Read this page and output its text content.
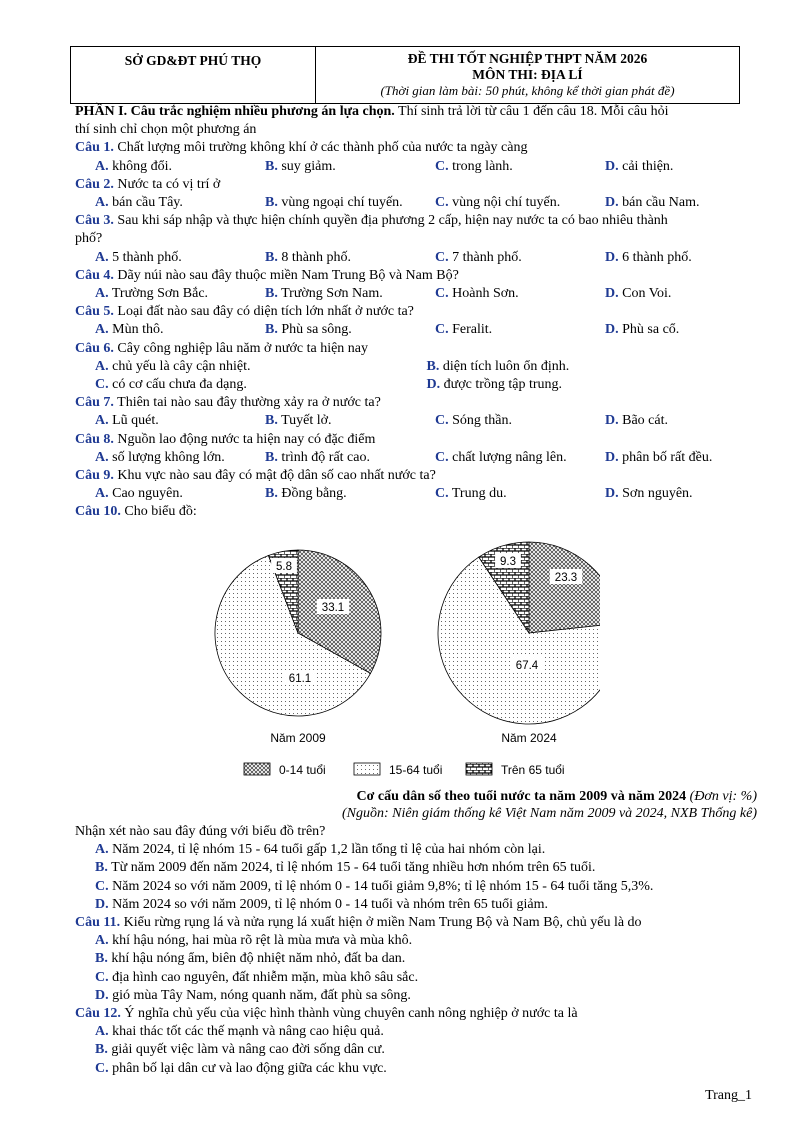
SỞ GD&ĐT PHÚ THỌ	ĐỀ THI TỐT NGHIỆP THPT NĂM 2026
MÔN THI: ĐỊA LÍ
(Thời gian làm bài: 50 phút, không kể thời gian phát đề)
PHẦN I. Câu trắc nghiệm nhiều phương án lựa chọn. Thí sinh trả lời từ câu 1 đến câu 18. Mỗi câu hỏi
thí sinh chỉ chọn một phương án
Câu 1. Chất lượng môi trường không khí ở các thành phố của nước ta ngày càng
A. không đổi.	B. suy giảm.	C. trong lành.	D. cải thiện.
Câu 2. Nước ta có vị trí ở
A. bán cầu Tây.	B. vùng ngoại chí tuyến.	C. vùng nội chí tuyến.	D. bán cầu Nam.
Câu 3. Sau khi sáp nhập và thực hiện chính quyền địa phương 2 cấp, hiện nay nước ta có bao nhiêu thành
phố?
A. 5 thành phố.	B. 8 thành phố.	C. 7 thành phố.	D. 6 thành phố.
Câu 4. Dãy núi nào sau đây thuộc miền Nam Trung Bộ và Nam Bộ?
A. Trường Sơn Bắc.	B. Trường Sơn Nam.	C. Hoành Sơn.	D. Con Voi.
Câu 5. Loại đất nào sau đây có diện tích lớn nhất ở nước ta?
A. Mùn thô.	B. Phù sa sông.	C. Feralit.	D. Phù sa cổ.
Câu 6. Cây công nghiệp lâu năm ở nước ta hiện nay
A. chủ yếu là cây cận nhiệt.	B. diện tích luôn ổn định.
C. có cơ cấu chưa đa dạng.	D. được trồng tập trung.
Câu 7. Thiên tai nào sau đây thường xảy ra ở nước ta?
A. Lũ quét.	B. Tuyết lở.	C. Sóng thần.	D. Bão cát.
Câu 8. Nguồn lao động nước ta hiện nay có đặc điểm
A. số lượng không lớn.	B. trình độ rất cao.	C. chất lượng nâng lên.	D. phân bố rất đều.
Câu 9. Khu vực nào sau đây có mật độ dân số cao nhất nước ta?
A. Cao nguyên.	B. Đồng bằng.	C. Trung du.	D. Sơn nguyên.
Câu 10. Cho biểu đồ:
33.1
61.1
5.8
Năm 2009
23.3
67.4
9.3
Năm 2024
0-14 tuổi	15-64 tuổi	Trên 65 tuổi
Cơ cấu dân số theo tuổi nước ta năm 2009 và năm 2024 (Đơn vị: %)
(Nguồn: Niên giám thống kê Việt Nam năm 2009 và 2024, NXB Thống kê)
Nhận xét nào sau đây đúng với biểu đồ trên?
A. Năm 2024, tỉ lệ nhóm 15 - 64 tuổi gấp 1,2 lần tổng tỉ lệ của hai nhóm còn lại.
B. Từ năm 2009 đến năm 2024, tỉ lệ nhóm 15 - 64 tuổi tăng nhiều hơn nhóm trên 65 tuổi.
C. Năm 2024 so với năm 2009, tỉ lệ nhóm 0 - 14 tuổi giảm 9,8%; tỉ lệ nhóm 15 - 64 tuổi tăng 5,3%.
D. Năm 2024 so với năm 2009, tỉ lệ nhóm 0 - 14 tuổi và nhóm trên 65 tuổi giảm.
Câu 11. Kiểu rừng rụng lá và nửa rụng lá xuất hiện ở miền Nam Trung Bộ và Nam Bộ, chủ yếu là do
A. khí hậu nóng, hai mùa rõ rệt là mùa mưa và mùa khô.
B. khí hậu nóng ẩm, biên độ nhiệt năm nhỏ, đất ba dan.
C. địa hình cao nguyên, đất nhiễm mặn, mùa khô sâu sắc.
D. gió mùa Tây Nam, nóng quanh năm, đất phù sa sông.
Câu 12. Ý nghĩa chủ yếu của việc hình thành vùng chuyên canh nông nghiệp ở nước ta là
A. khai thác tốt các thế mạnh và nâng cao hiệu quả.
B. giải quyết việc làm và nâng cao đời sống dân cư.
C. phân bố lại dân cư và lao động giữa các khu vực.
Trang_1
